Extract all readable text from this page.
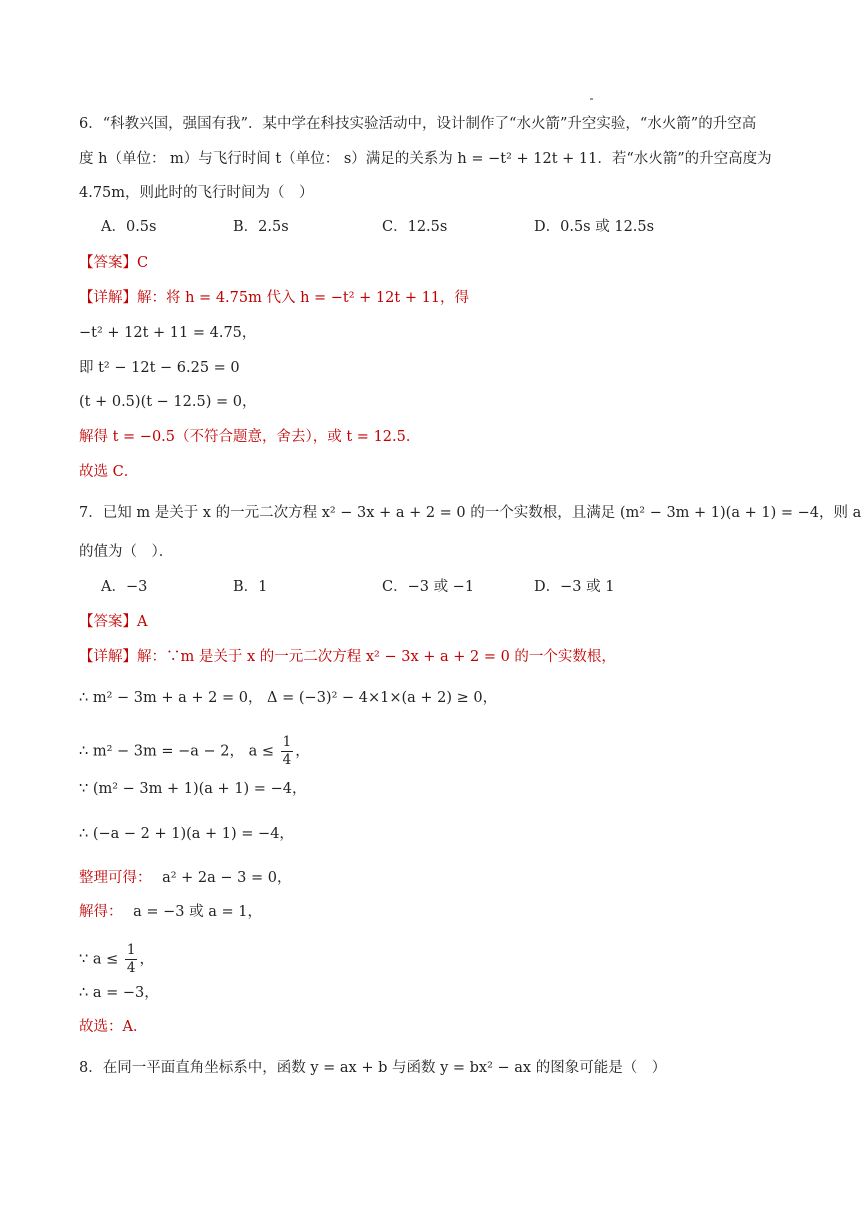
6．“科教兴国，强国有我”．某中学在科技实验活动中，设计制作了“水火箭”升空实验，“水火箭”的升空高
度 h（单位： m）与飞行时间 t（单位： s）满足的关系为 h = −t² + 12t + 11．若“水火箭”的升空高度为
4.75m，则此时的飞行时间为（　）
A．0.5s	B．2.5s	C．12.5s	D．0.5s 或 12.5s
【答案】C
【详解】解：将 h = 4.75m 代入 h = −t² + 12t + 11，得
−t² + 12t + 11 = 4.75，
即 t² − 12t − 6.25 = 0
(t + 0.5)(t − 12.5) = 0，
解得 t = −0.5（不符合题意，舍去），或 t = 12.5．
故选 C．
7．已知 m 是关于 x 的一元二次方程 x² − 3x + a + 2 = 0 的一个实数根，且满足 (m² − 3m + 1)(a + 1) = −4，则 a
的值为（　）．
A．−3	B．1	C．−3 或 −1	D．−3 或 1
【答案】A
【详解】解：∵m 是关于 x 的一元二次方程 x² − 3x + a + 2 = 0 的一个实数根，
∴ m² − 3m + a + 2 = 0， Δ = (−3)² − 4×1×(a + 2) ≥ 0，
∴ m² − 3m = −a − 2， $a \le \frac{1}{4}$ ，
∵ (m² − 3m + 1)(a + 1) = −4，
∴ (−a − 2 + 1)(a + 1) = −4，
整理可得： a² + 2a − 3 = 0，
解得： a = −3 或 a = 1，
∵ $a \le \frac{1}{4}$ ，
∴ a = −3，
故选：A．
8．在同一平面直角坐标系中，函数 y = ax + b 与函数 y = bx² − ax 的图象可能是（　）
